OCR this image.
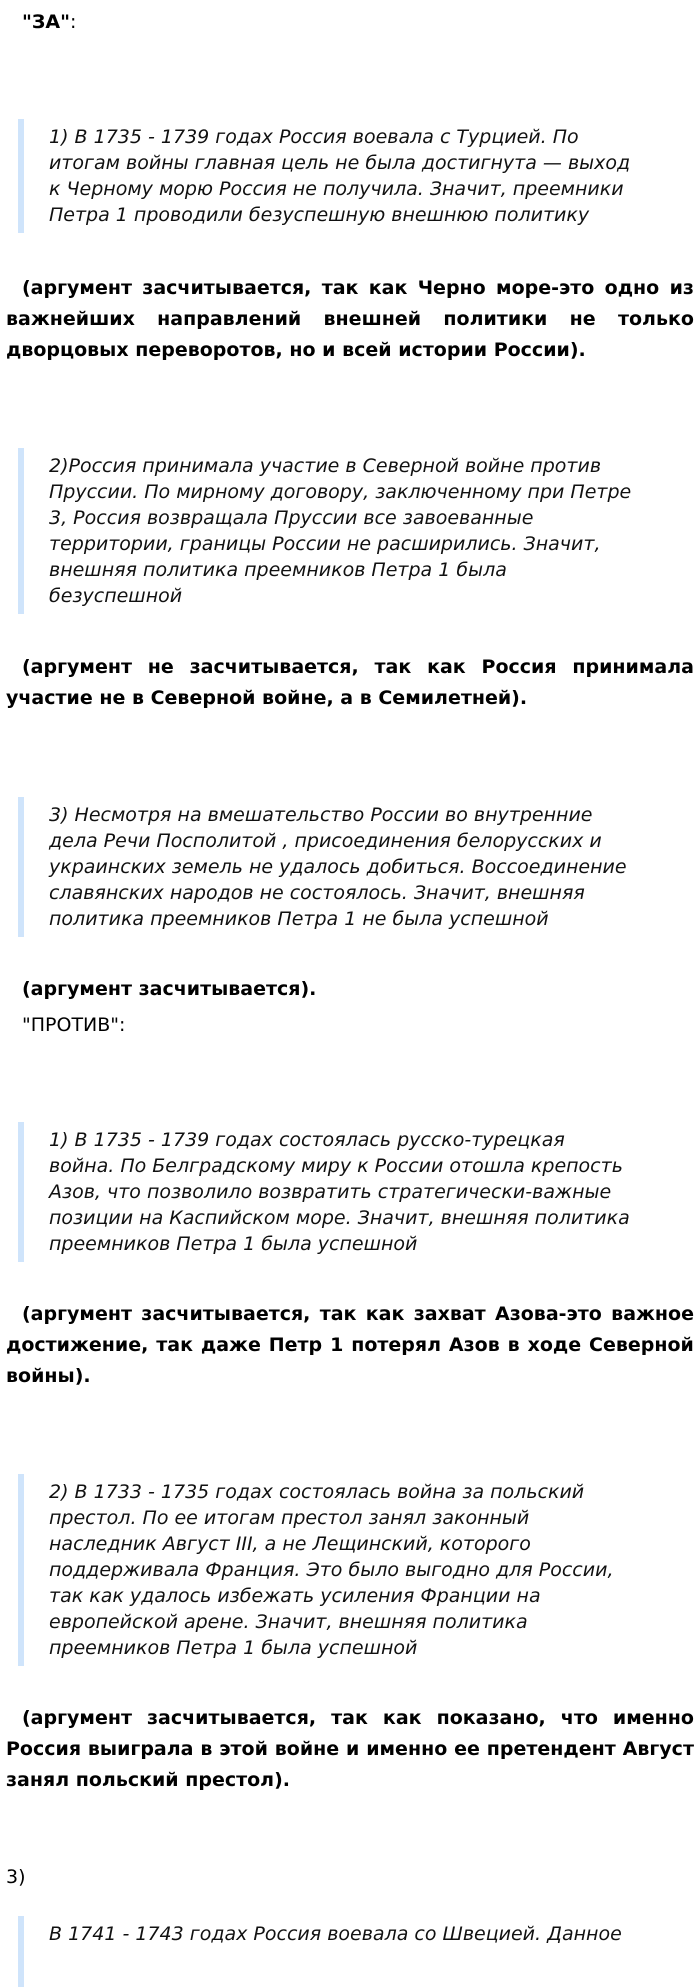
"ЗА":
1) В 1735 - 1739 годах Россия воевала с Турцией. По
итогам войны главная цель не была достигнута — выход
к Черному морю Россия не получила. Значит, преемники
Петра 1 проводили безуспешную внешнюю политику
(аргумент засчитывается, так как Черно море-это одно из
важнейших направлений внешней политики не только
дворцовых переворотов, но и всей истории России).
2)Россия принимала участие в Северной войне против
Пруссии. По мирному договору, заключенному при Петре
3, Россия возвращала Пруссии все завоеванные
территории, границы России не расширились. Значит,
внешняя политика преемников Петра 1 была
безуспешной
(аргумент не засчитывается, так как Россия принимала
участие не в Северной войне, а в Семилетней).
3) Несмотря на вмешательство России во внутренние
дела Речи Посполитой , присоединения белорусских и
украинских земель не удалось добиться. Воссоединение
славянских народов не состоялось. Значит, внешняя
политика преемников Петра 1 не была успешной
(аргумент засчитывается).
"ПРОТИВ":
1) В 1735 - 1739 годах состоялась русско-турецкая
война. По Белградскому миру к России отошла крепость
Азов, что позволило возвратить стратегически-важные
позиции на Каспийском море. Значит, внешняя политика
преемников Петра 1 была успешной
(аргумент засчитывается, так как захват Азова-это важное
достижение, так даже Петр 1 потерял Азов в ходе Северной
войны).
2) В 1733 - 1735 годах состоялась война за польский
престол. По ее итогам престол занял законный
наследник Август III, а не Лещинский, которого
поддерживала Франция. Это было выгодно для России,
так как удалось избежать усиления Франции на
европейской арене. Значит, внешняя политика
преемников Петра 1 была успешной
(аргумент засчитывается, так как показано, что именно
Россия выиграла в этой войне и именно ее претендент Август
занял польский престол).
3)
В 1741 - 1743 годах Россия воевала со Швецией. Данное
